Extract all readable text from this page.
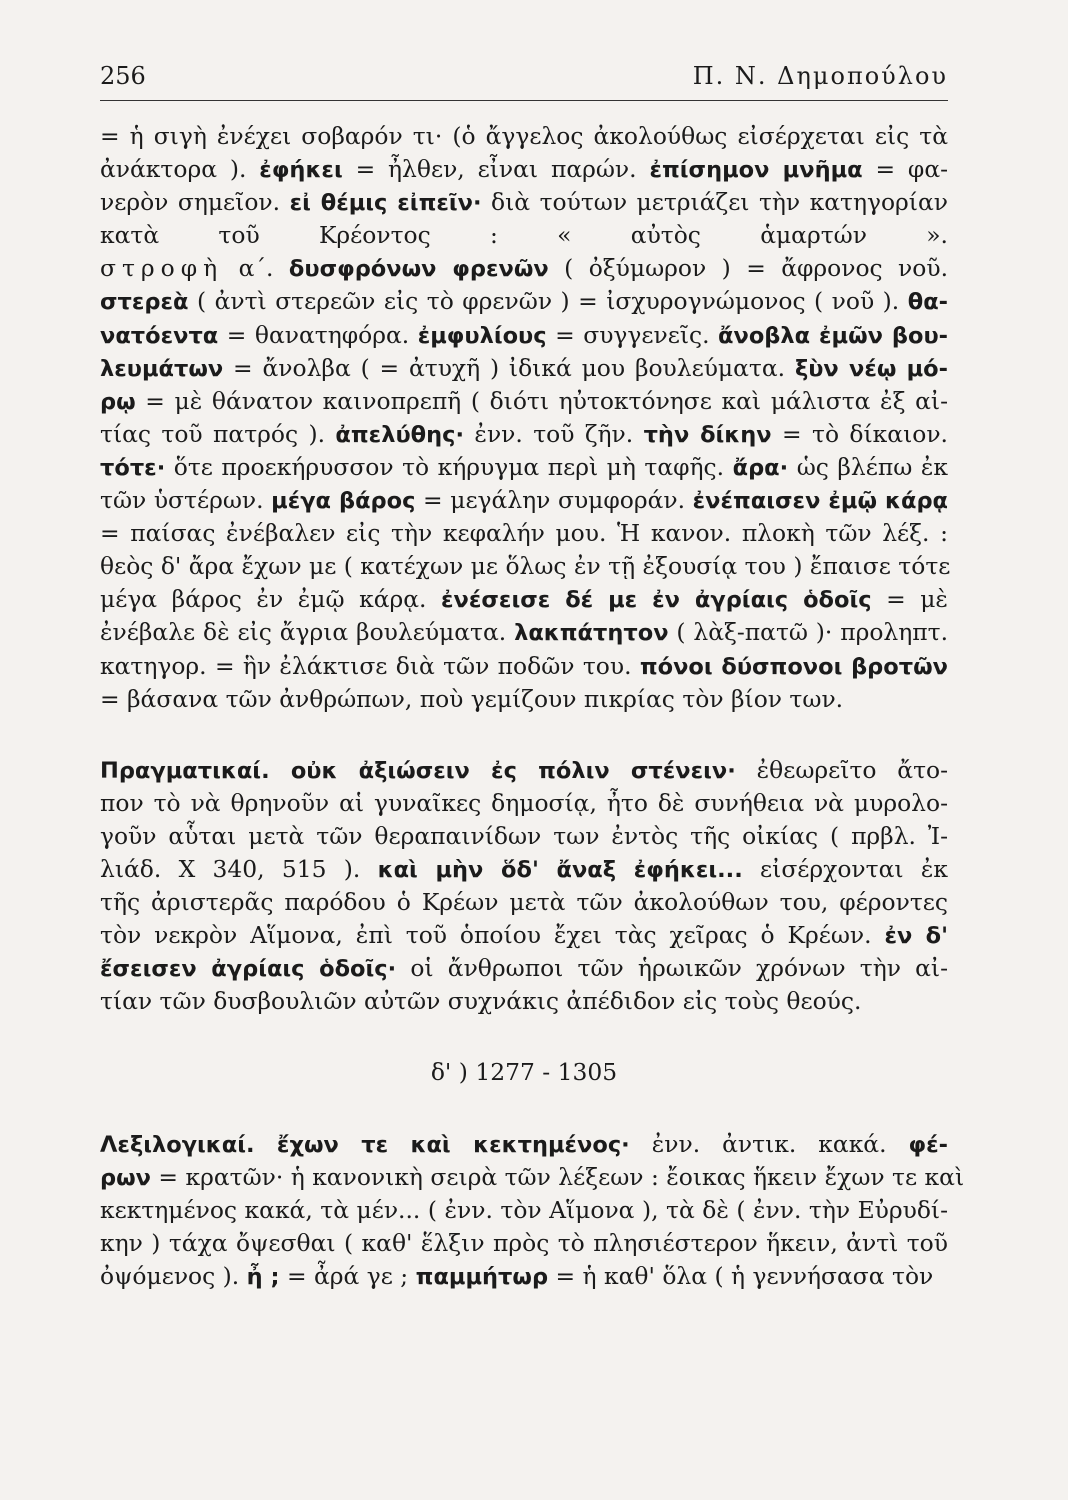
256	Π. Ν. Δημοπούλου
= ἡ σιγὴ ἐνέχει σοβαρόν τι· (ὁ ἄγγελος ἀκολούθως εἰσέρχεται εἰς τὰ
ἀνάκτορα ). ἐφήκει = ἦλθεν, εἶναι παρών. ἐπίσημον μνῆμα = φα-
νερὸν σημεῖον. εἰ θέμις εἰπεῖν· διὰ τούτων μετριάζει τὴν κατηγορίαν
κατὰ τοῦ Κρέοντος : « αὐτὸς ἁμαρτών ».
στροφὴ α΄. δυσφρόνων φρενῶν ( ὀξύμωρον ) = ἄφρονος νοῦ.
στερεὰ ( ἀντὶ στερεῶν εἰς τὸ φρενῶν ) = ἰσχυρογνώμονος ( νοῦ ). θα-
νατόεντα = θανατηφόρα. ἐμφυλίους = συγγενεῖς. ἄνοβλα ἐμῶν βου-
λευμάτων = ἄνολβα ( = ἀτυχῆ ) ἰδικά μου βουλεύματα. ξὺν νέῳ μό-
ρῳ = μὲ θάνατον καινοπρεπῆ ( διότι ηὐτοκτόνησε καὶ μάλιστα ἐξ αἰ-
τίας τοῦ πατρός ). ἀπελύθης· ἐνν. τοῦ ζῆν. τὴν δίκην = τὸ δίκαιον.
τότε· ὅτε προεκήρυσσον τὸ κήρυγμα περὶ μὴ ταφῆς. ἄρα· ὡς βλέπω ἐκ
τῶν ὑστέρων. μέγα βάρος = μεγάλην συμφοράν. ἐνέπαισεν ἐμῷ κάρᾳ
= παίσας ἐνέβαλεν εἰς τὴν κεφαλήν μου. Ἡ κανον. πλοκὴ τῶν λέξ. :
θεὸς δ' ἄρα ἔχων με ( κατέχων με ὅλως ἐν τῇ ἐξουσίᾳ του ) ἔπαισε τότε
μέγα βάρος ἐν ἐμῷ κάρᾳ. ἐνέσεισε δέ με ἐν ἀγρίαις ὁδοῖς = μὲ
ἐνέβαλε δὲ εἰς ἄγρια βουλεύματα. λακπάτητον ( λὰξ-πατῶ )· προληπτ.
κατηγορ. = ἣν ἐλάκτισε διὰ τῶν ποδῶν του. πόνοι δύσπονοι βροτῶν
= βάσανα τῶν ἀνθρώπων, ποὺ γεμίζουν πικρίας τὸν βίον των.
Πραγματικαί. οὐκ ἀξιώσειν ἐς πόλιν στένειν· ἐθεωρεῖτο ἄτο-
πον τὸ νὰ θρηνοῦν αἱ γυναῖκες δημοσίᾳ, ἦτο δὲ συνήθεια νὰ μυρολο-
γοῦν αὗται μετὰ τῶν θεραπαινίδων των ἐντὸς τῆς οἰκίας ( πρβλ. Ἰ-
λιάδ. Χ 340, 515 ). καὶ μὴν ὅδ' ἄναξ ἐφήκει... εἰσέρχονται ἐκ
τῆς ἀριστερᾶς παρόδου ὁ Κρέων μετὰ τῶν ἀκολούθων του, φέροντες
τὸν νεκρὸν Αἵμονα, ἐπὶ τοῦ ὁποίου ἔχει τὰς χεῖρας ὁ Κρέων. ἐν δ'
ἔσεισεν ἀγρίαις ὁδοῖς· οἱ ἄνθρωποι τῶν ἡρωικῶν χρόνων τὴν αἰ-
τίαν τῶν δυσβουλιῶν αὐτῶν συχνάκις ἀπέδιδον εἰς τοὺς θεούς.
δ' ) 1277 - 1305
Λεξιλογικαί. ἔχων τε καὶ κεκτημένος· ἐνν. ἀντικ. κακά. φέ-
ρων = κρατῶν· ἡ κανονικὴ σειρὰ τῶν λέξεων : ἔοικας ἥκειν ἔχων τε καὶ
κεκτημένος κακά, τὰ μέν... ( ἐνν. τὸν Αἵμονα ), τὰ δὲ ( ἐνν. τὴν Εὐρυδί-
κην ) τάχα ὄψεσθαι ( καθ' ἕλξιν πρὸς τὸ πλησιέστερον ἥκειν, ἀντὶ τοῦ
ὀψόμενος ). ἦ ; = ἆρά γε ; παμμήτωρ = ἡ καθ' ὅλα ( ἡ γεννήσασα τὸν
